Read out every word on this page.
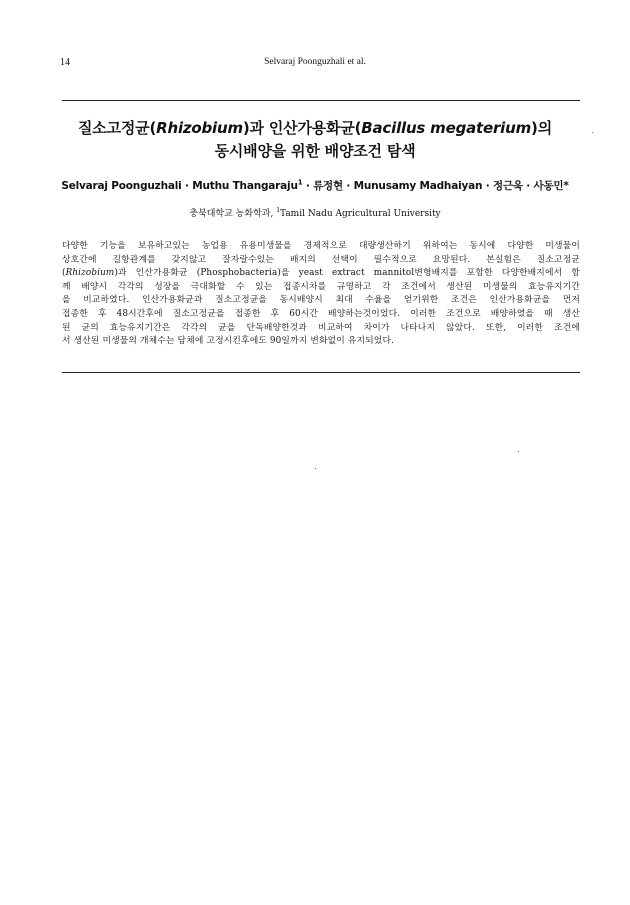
14	Selvaraj Poonguzhali et al.
질소고정균(Rhizobium)과 인산가용화균(Bacillus megaterium)의
동시배양을 위한 배양조건 탐색
Selvaraj Poonguzhali · Muthu Thangaraju$^1$ · 류정현 · Munusamy Madhaiyan · 정근욱 · 사동민*
충북대학교 농화학과, $^1$Tamil Nadu Agricultural University
다양한 기능을 보유하고있는 농업용 유용미생물을 경제적으로 대량생산하기 위하여는 동시에 다양한 미생물이
상호간에 길항관계를 갖지않고 잘자랄수있는 배지의 선택이 필수적으로 요망된다. 본실험은 질소고정균
(Rhizobium)과 인산가용화균 (Phosphobacteria)을 yeast extract mannitol변형배지를 포함한 다양한배지에서 함
께 배양시 각각의 성장을 극대화할 수 있는 접종시차를 규명하고 각 조건에서 생산된 미생물의 효능유지기간
을 비교하였다. 인산가용화균과 질소고정균을 동시배양시 최대 수율을 얻기위한 조건은 인산가용화균을 먼저
접종한 후 48시간후에 질소고정균을 접종한 후 60시간 배양하는것이었다. 이러한 조건으로 배양하였을 때 생산
된 균의 효능유지기간은 각각의 균을 단독배양한것과 비교하여 차이가 나타나지 않았다. 또한, 이러한 조건에
서 생산된 미생물의 개체수는 담체에 고정시킨후에도 90일까지 변화없이 유지되었다.
